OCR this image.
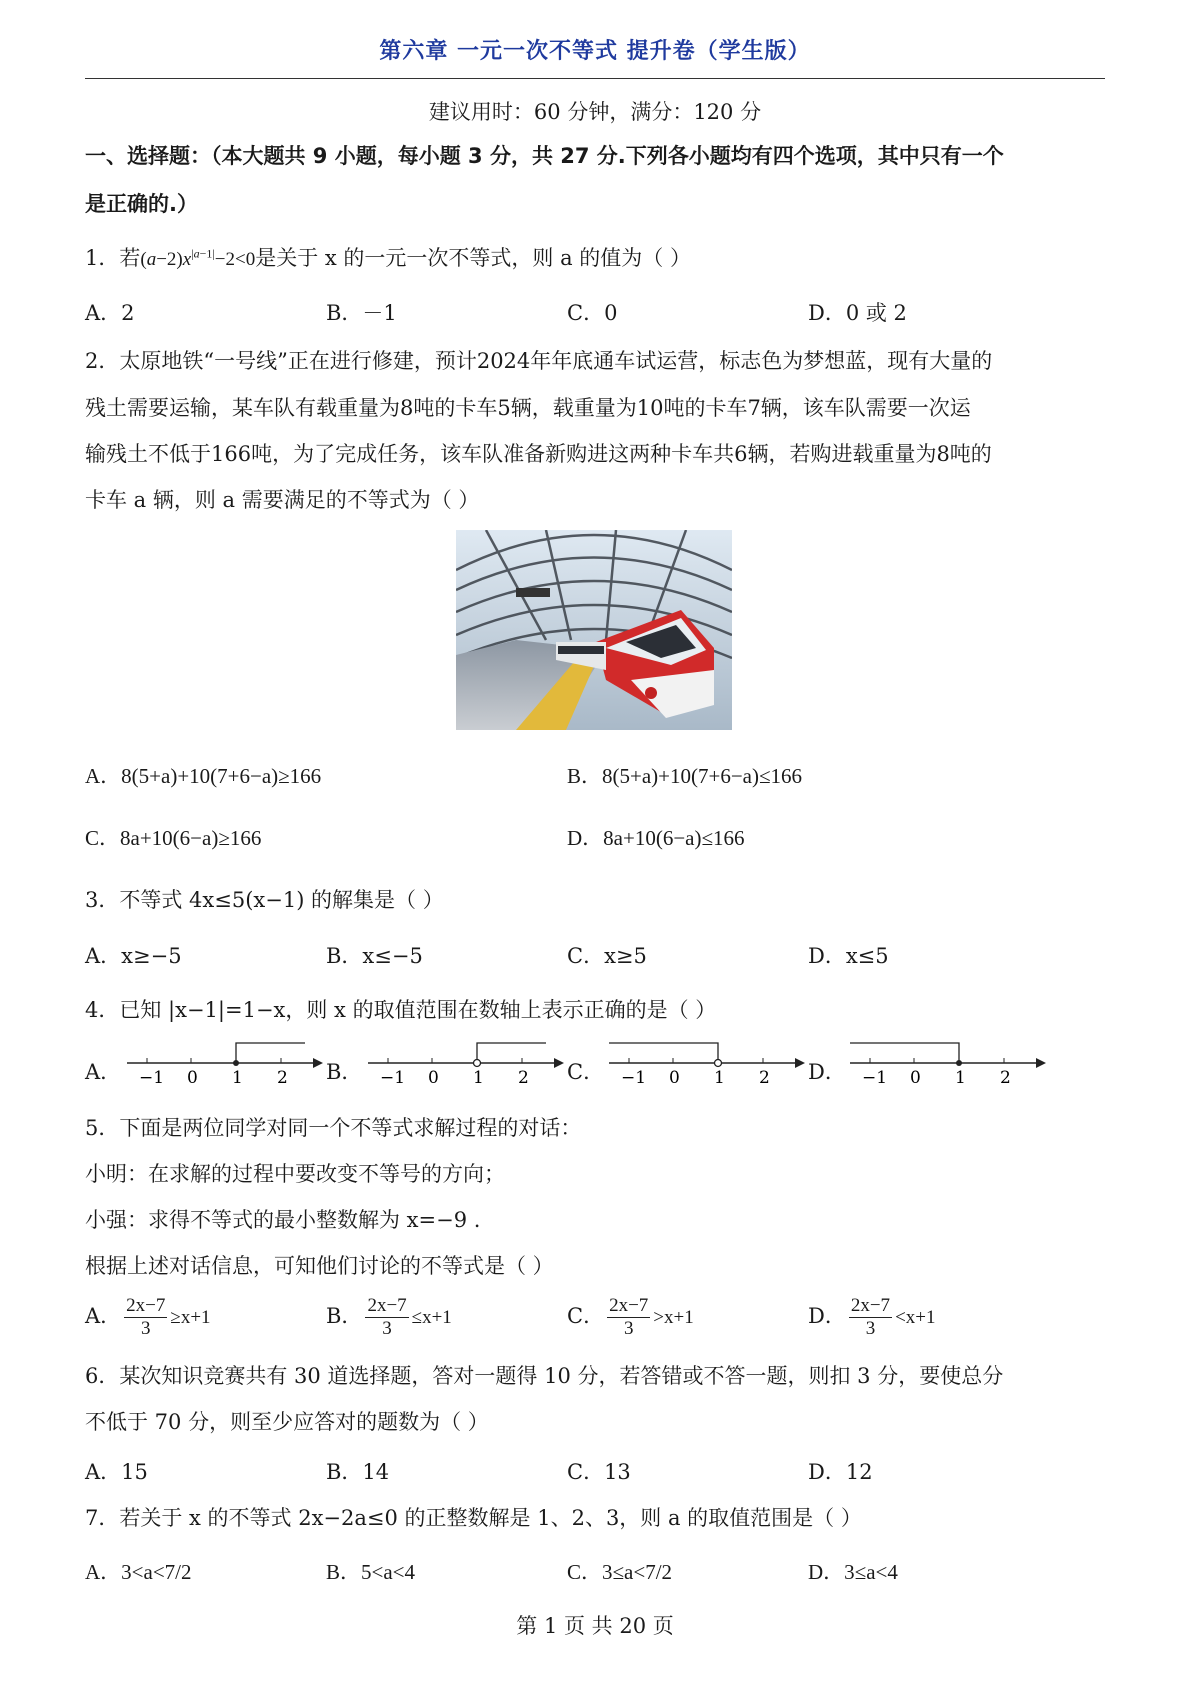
第六章 一元一次不等式 提升卷（学生版）
建议用时：60 分钟，满分：120 分
一、选择题：（本大题共 9 小题，每小题 3 分，共 27 分.下列各小题均有四个选项，其中只有一个
是正确的.）
1．若$(a-2)x^{|a-1|}-2<0$是关于 x 的一元一次不等式，则 a 的值为（ ）
A．2	B．－1	C．0	D．0 或 2
2．太原地铁“一号线”正在进行修建，预计2024年年底通车试运营，标志色为梦想蓝，现有大量的
残土需要运输，某车队有载重量为8吨的卡车5辆，载重量为10吨的卡车7辆，该车队需要一次运
输残土不低于166吨，为了完成任务，该车队准备新购进这两种卡车共6辆，若购进载重量为8吨的
卡车 a 辆，则 a 需要满足的不等式为（ ）
A．8(5+a)+10(7+6−a)≥166	B．8(5+a)+10(7+6−a)≤166
C．8a+10(6−a)≥166	D．8a+10(6−a)≤166
3．不等式 4x≤5(x−1) 的解集是（ ）
A．x≥−5	B．x≤−5	C．x≥5	D．x≤5
4．已知 |x−1|=1−x，则 x 的取值范围在数轴上表示正确的是（ ）
A． −1 0 1 2 B． −1 0 1 2 C． −1 0 1 2 D． −1 0 1 2
5．下面是两位同学对同一个不等式求解过程的对话：
小明：在求解的过程中要改变不等号的方向；
小强：求得不等式的最小整数解为 x=−9 .
根据上述对话信息，可知他们讨论的不等式是（ ）
A． $\frac{2x-7}{3} \ge x+1$	B． $\frac{2x-7}{3} \le x+1$	C． $\frac{2x-7}{3} >x+1$	D． $\frac{2x-7}{3} <x+1$
6．某次知识竞赛共有 30 道选择题，答对一题得 10 分，若答错或不答一题，则扣 3 分，要使总分
不低于 70 分，则至少应答对的题数为（ ）
A．15	B．14	C．13	D．12
7．若关于 x 的不等式 2x−2a≤0 的正整数解是 1、2、3，则 a 的取值范围是（ ）
A．3<a<7/2	B．5<a<4	C．3≤a<7/2	D．3≤a<4
第 1 页 共 20 页
